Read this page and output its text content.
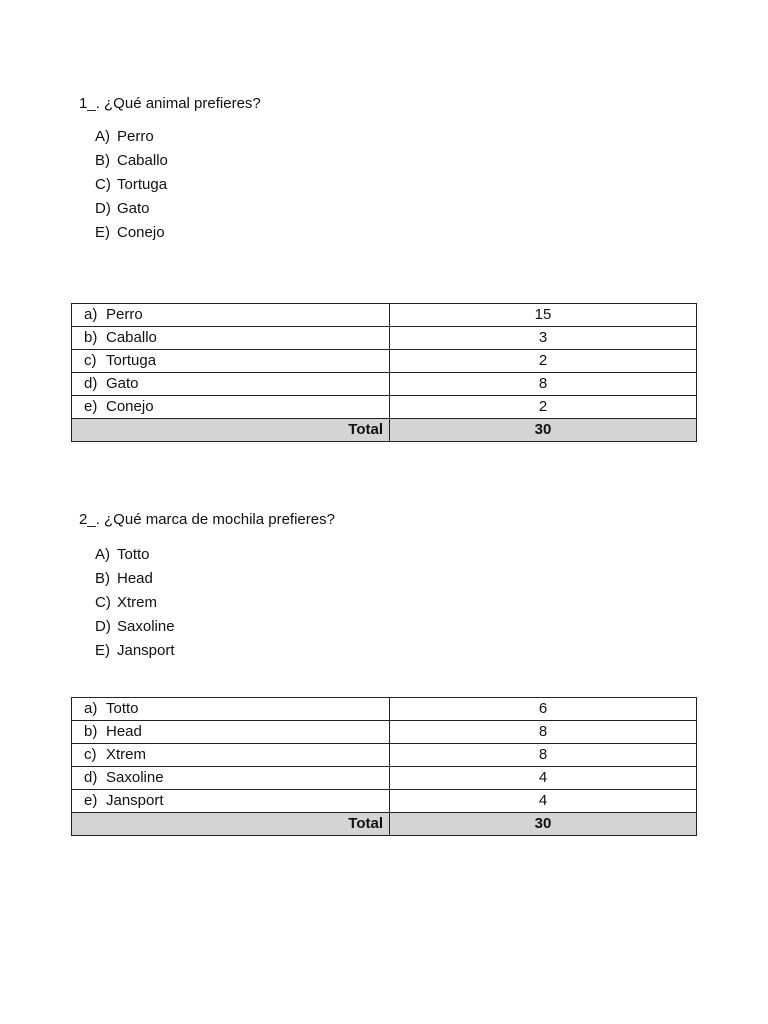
1_. ¿Qué animal prefieres?
A) Perro
B) Caballo
C) Tortuga
D) Gato
E) Conejo
a) Perro	15
b) Caballo	3
c) Tortuga	2
d) Gato	8
e) Conejo	2
Total	30
2_. ¿Qué marca de mochila prefieres?
A) Totto
B) Head
C) Xtrem
D) Saxoline
E) Jansport
a) Totto	6
b) Head	8
c) Xtrem	8
d) Saxoline	4
e) Jansport	4
Total	30
